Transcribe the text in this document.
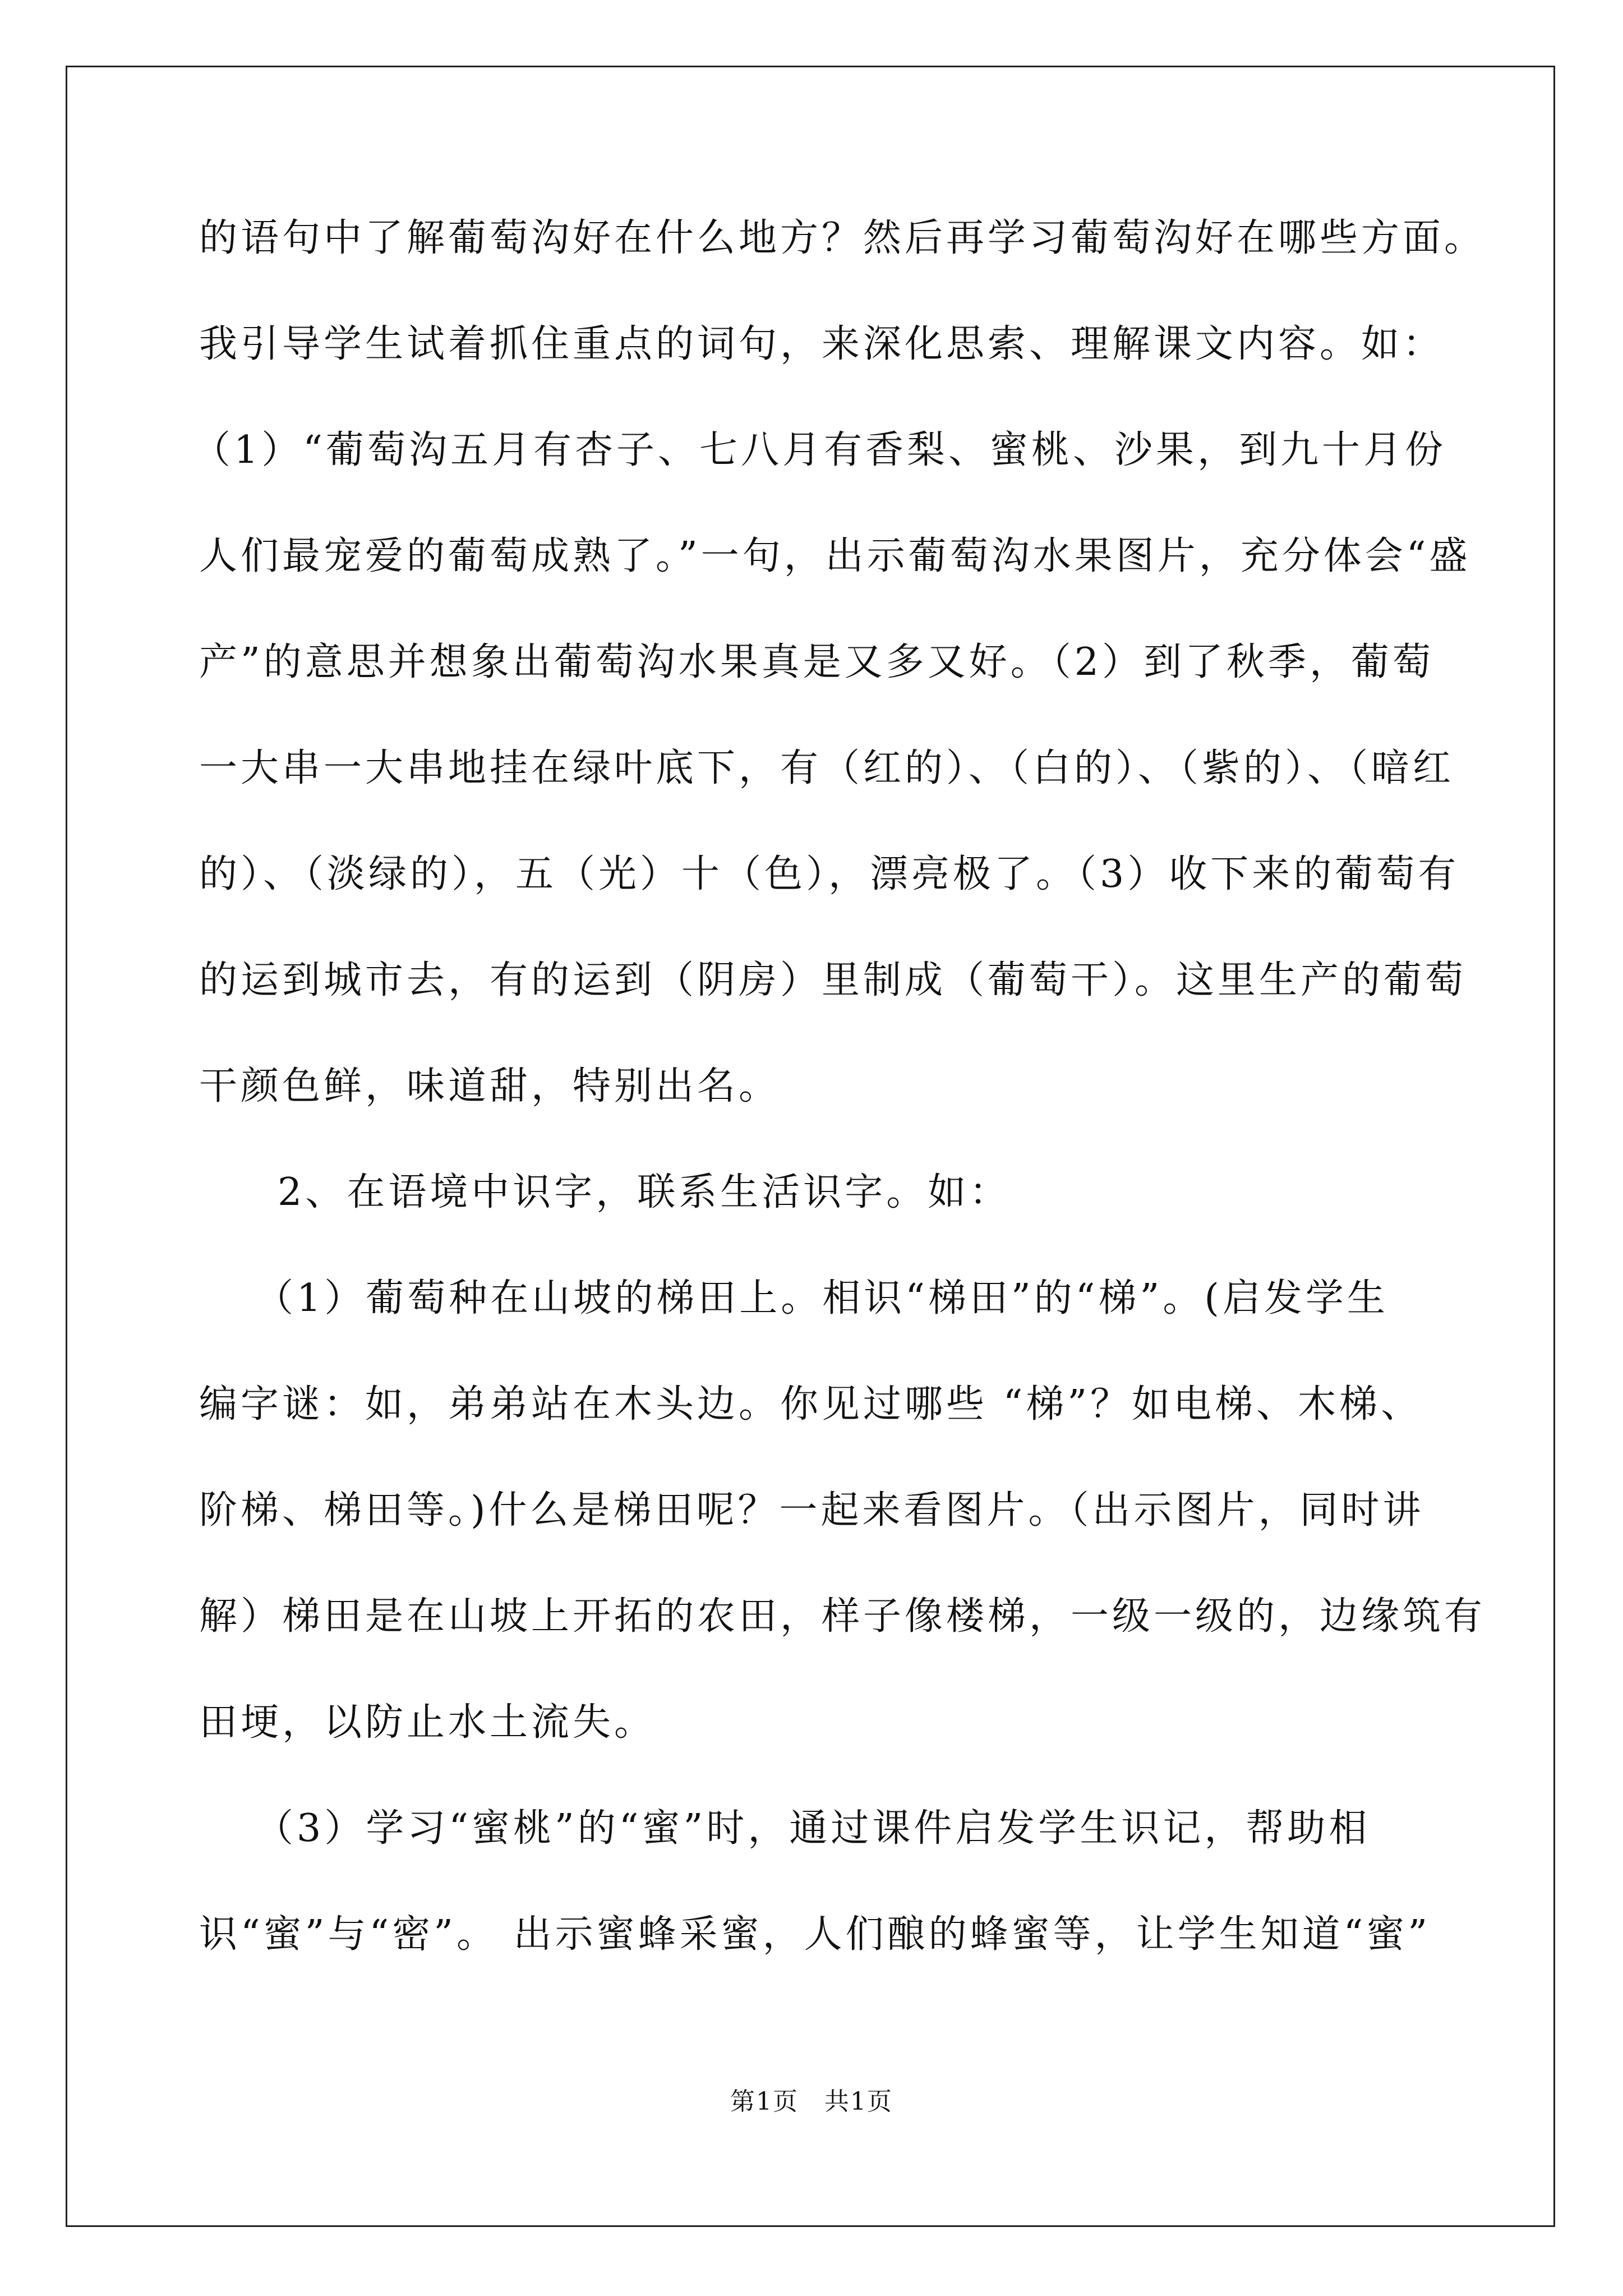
的语句中了解葡萄沟好在什么地方？然后再学习葡萄沟好在哪些方面。
我引导学生试着抓住重点的词句，来深化思索、理解课文内容。如：
（1）“葡萄沟五月有杏子、七八月有香梨、蜜桃、沙果，到九十月份
人们最宠爱的葡萄成熟了。”一句，出示葡萄沟水果图片，充分体会“盛
产”的意思并想象出葡萄沟水果真是又多又好。（2）到了秋季，葡萄
一大串一大串地挂在绿叶底下，有（红的）、（白的）、（紫的）、（暗红
的）、（淡绿的），五（光）十（色），漂亮极了。（3）收下来的葡萄有
的运到城市去，有的运到（阴房）里制成（葡萄干）。这里生产的葡萄
干颜色鲜，味道甜，特别出名。
2、在语境中识字，联系生活识字。如：
（1）葡萄种在山坡的梯田上。相识“梯田”的“梯”。(启发学生
编字谜：如，弟弟站在木头边。你见过哪些 “梯”？如电梯、木梯、
阶梯、梯田等。)什么是梯田呢？一起来看图片。（出示图片，同时讲
解）梯田是在山坡上开拓的农田，样子像楼梯，一级一级的，边缘筑有
田埂，以防止水土流失。
（3）学习“蜜桃”的“蜜”时，通过课件启发学生识记，帮助相
识“蜜”与“密”。 出示蜜蜂采蜜，人们酿的蜂蜜等，让学生知道“蜜”
第1页　共1页
